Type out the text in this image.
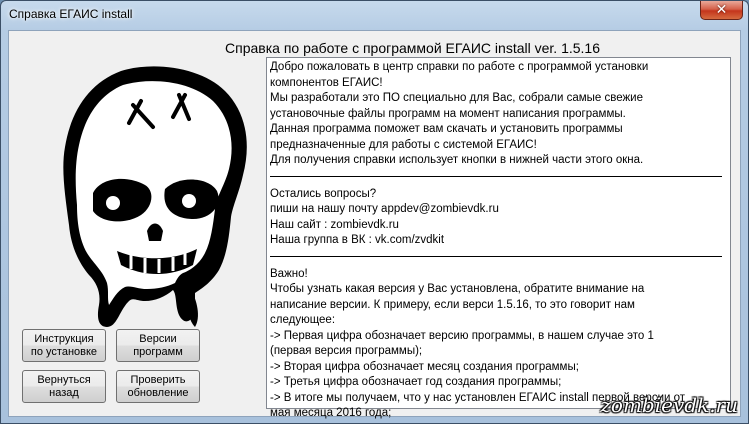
Справка ЕГАИС install	✕
Справка по работе с программой ЕГАИС install ver. 1.5.16
Инструкция
по установке
Версии
программ
Вернуться
назад
Проверить
обновление
Добро пожаловать в центр справки по работе с программой установки
компонентов ЕГАИС!
Мы разработали это ПО специально для Вас, собрали самые свежие
установочные файлы программ на момент написания программы.
Данная программа поможет вам скачать и установить программы
предназначенные для работы с системой ЕГАИС!
Для получения справки использует кнопки в нижней части этого окна.
Остались вопросы?
пиши на нашу почту appdev@zombievdk.ru
Наш сайт : zombievdk.ru
Наша группа в ВК : vk.com/zvdkit
Важно!
Чтобы узнать какая версия у Вас установлена, обратите внимание на
написание версии. К примеру, если верси 1.5.16, то это говорит нам
следующее:
-> Первая цифра обозначает версию программы, в нашем случае это 1
(первая версия программы);
-> Вторая цифра обозначает месяц создания программы;
-> Третья цифра обозначает год создания программы;
-> В итоге мы получаем, что у нас установлен ЕГАИС install первой версии от
мая месяца 2016 года;	zombievdk.ru
